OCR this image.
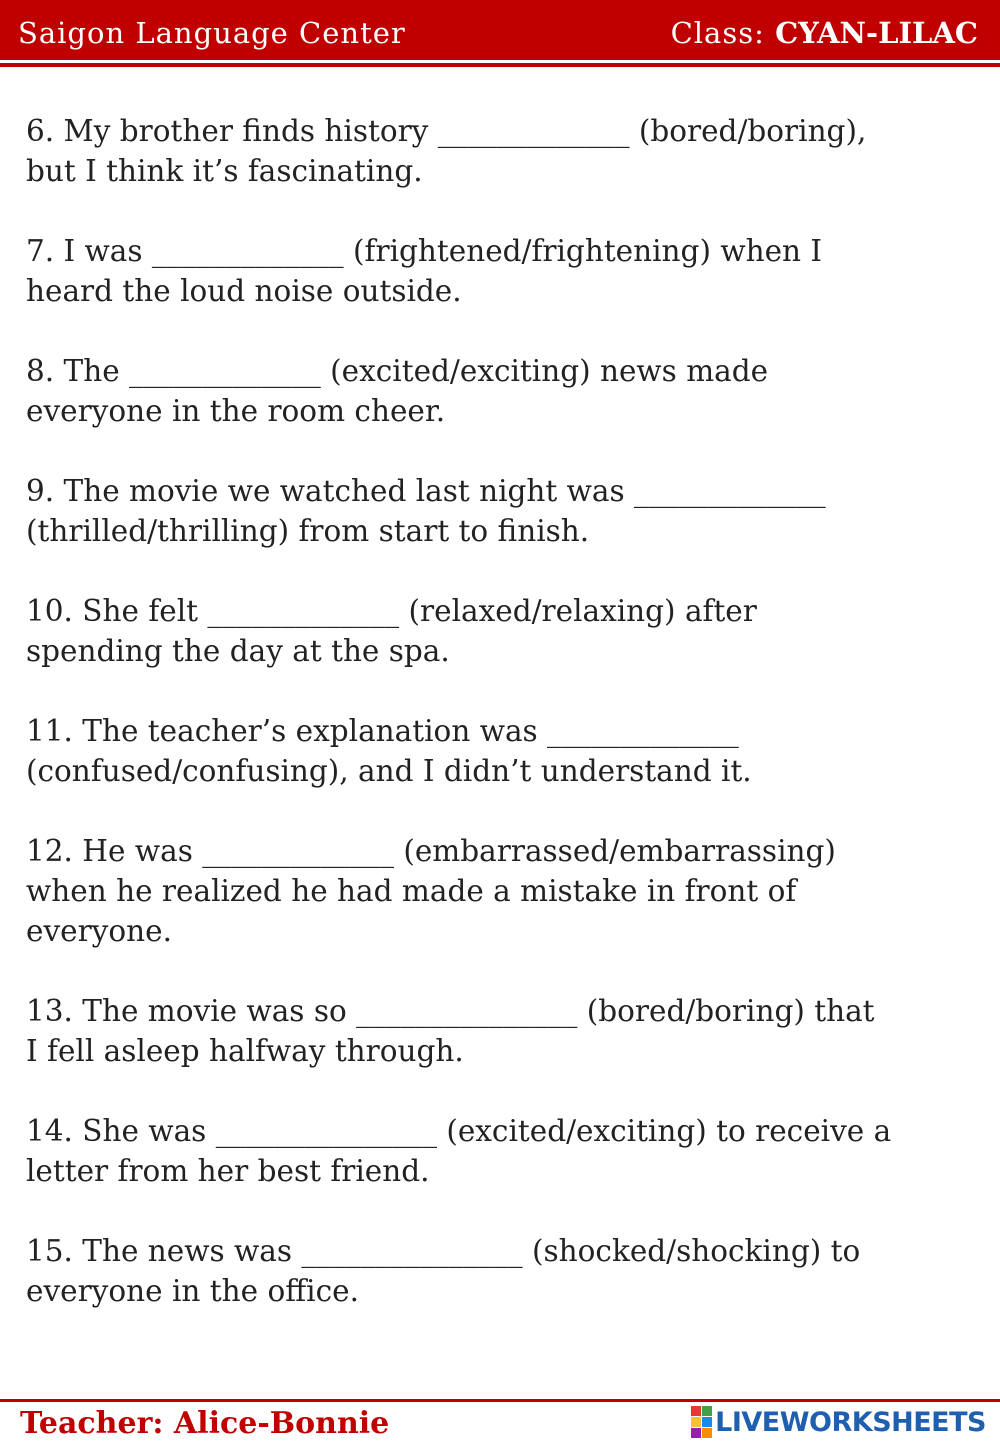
Saigon Language Center	Class: CYAN-LILAC
6. My brother finds history _____________ (bored/boring),
but I think it’s fascinating.
7. I was _____________ (frightened/frightening) when I
heard the loud noise outside.
8. The _____________ (excited/exciting) news made
everyone in the room cheer.
9. The movie we watched last night was _____________
(thrilled/thrilling) from start to finish.
10. She felt _____________ (relaxed/relaxing) after
spending the day at the spa.
11. The teacher’s explanation was _____________
(confused/confusing), and I didn’t understand it.
12. He was _____________ (embarrassed/embarrassing)
when he realized he had made a mistake in front of
everyone.
13. The movie was so _______________ (bored/boring) that
I fell asleep halfway through.
14. She was _______________ (excited/exciting) to receive a
letter from her best friend.
15. The news was _______________ (shocked/shocking) to
everyone in the office.
Teacher: Alice-Bonnie	LIVEWORKSHEETS
